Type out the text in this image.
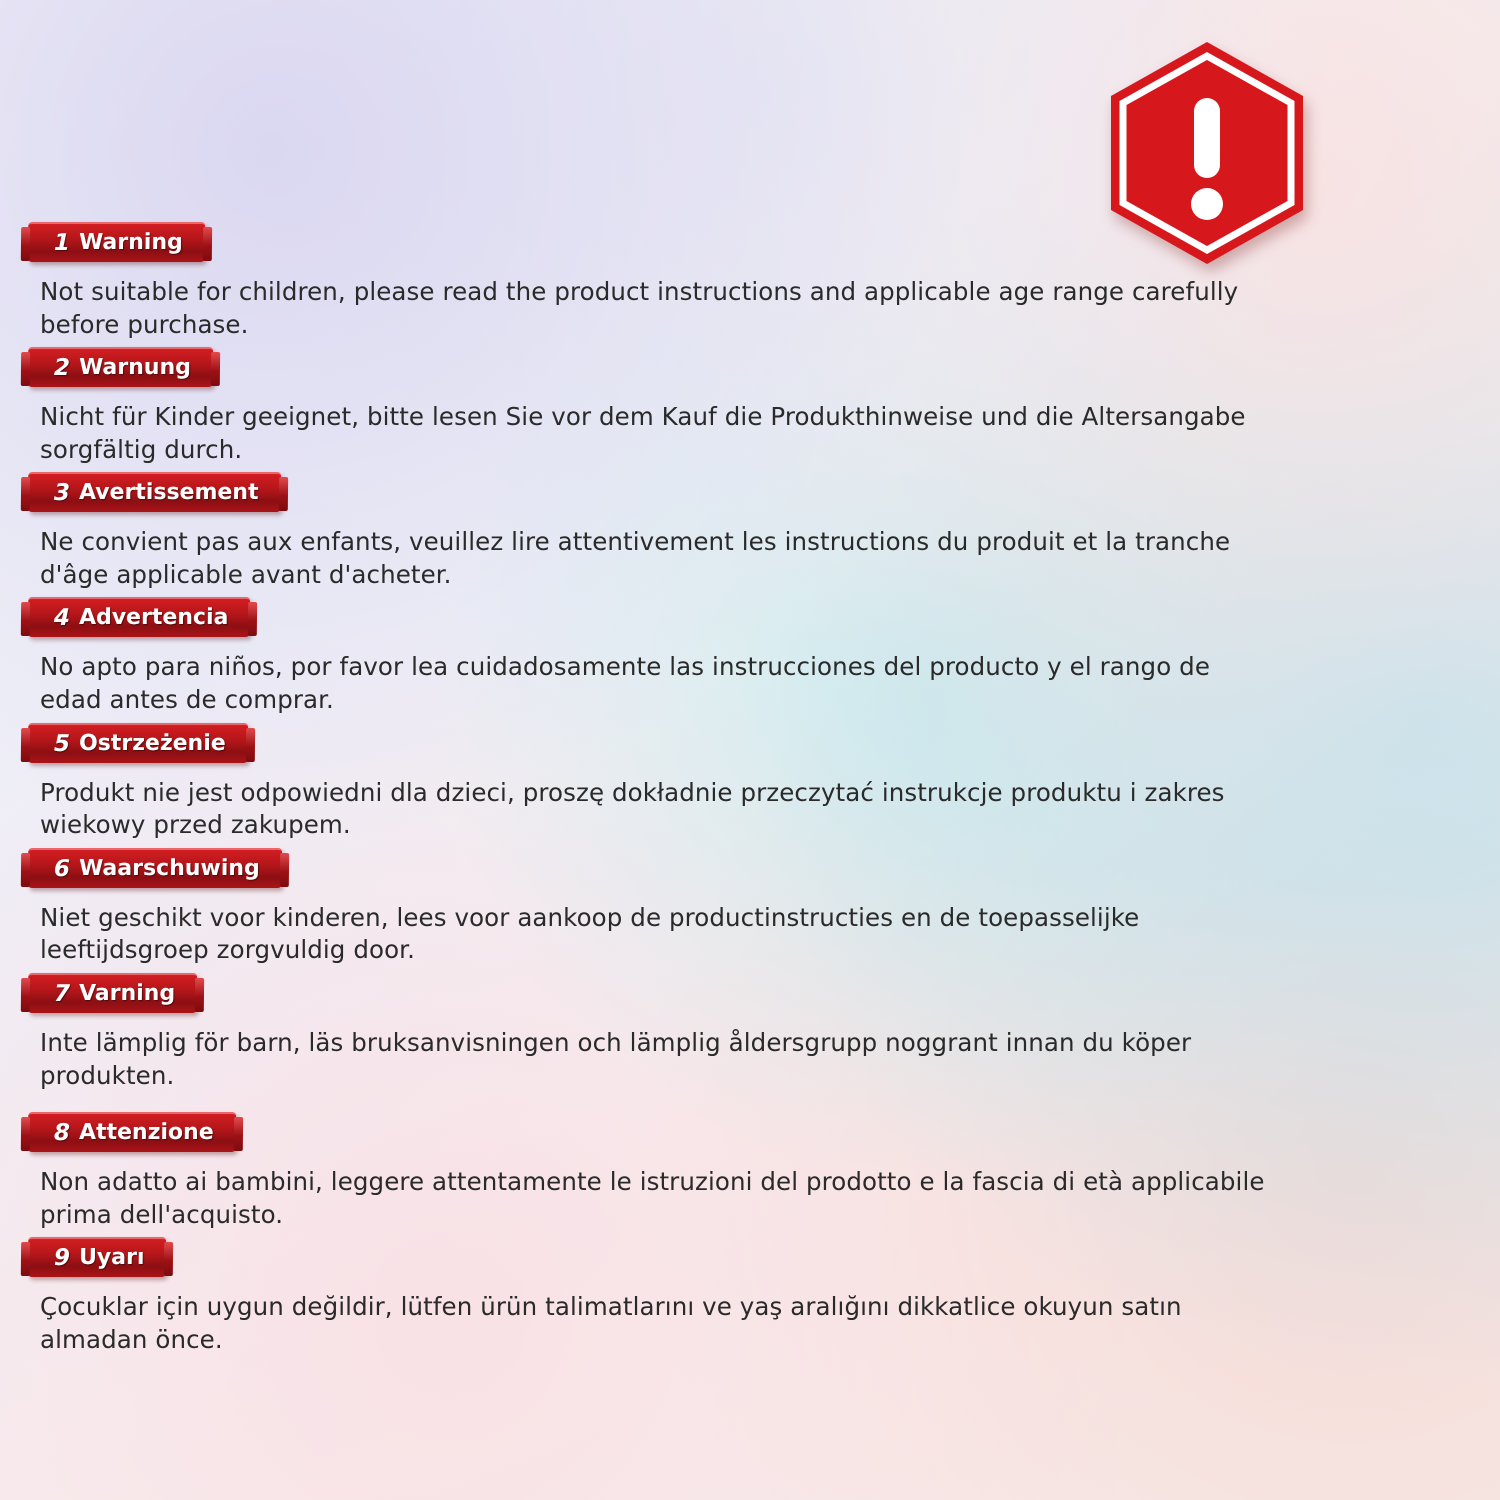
1 Warning

Not suitable for children, please read the product instructions and applicable age range carefully before purchase.

2 Warnung

Nicht für Kinder geeignet, bitte lesen Sie vor dem Kauf die Produkthinweise und die Altersangabe sorgfältig durch.

3 Avertissement

Ne convient pas aux enfants, veuillez lire attentivement les instructions du produit et la tranche d'âge applicable avant d'acheter.

4 Advertencia

No apto para niños, por favor lea cuidadosamente las instrucciones del producto y el rango de edad antes de comprar.

5 Ostrzeżenie

Produkt nie jest odpowiedni dla dzieci, proszę dokładnie przeczytać instrukcje produktu i zakres wiekowy przed zakupem.

6 Waarschuwing

Niet geschikt voor kinderen, lees voor aankoop de productinstructies en de toepasselijke leeftijdsgroep zorgvuldig door.

7 Varning

Inte lämplig för barn, läs bruksanvisningen och lämplig åldersgrupp noggrant innan du köper produkten.

8 Attenzione

Non adatto ai bambini, leggere attentamente le istruzioni del prodotto e la fascia di età applicabile prima dell'acquisto.

9 Uyarı

Çocuklar için uygun değildir, lütfen ürün talimatlarını ve yaş aralığını dikkatlice okuyun satın almadan önce.
